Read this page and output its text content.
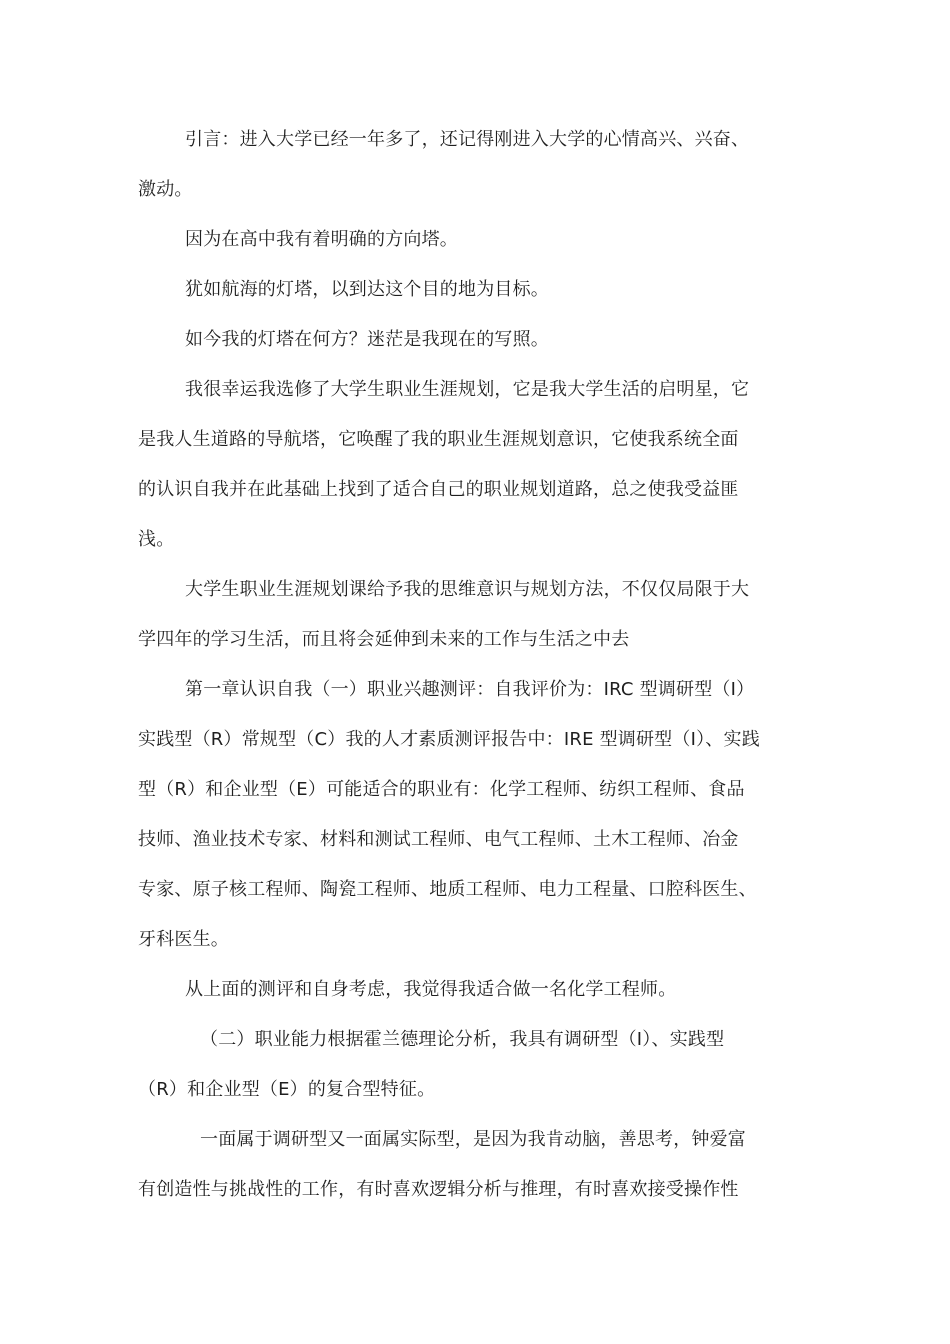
引言：进入大学已经一年多了，还记得刚进入大学的心情高兴、兴奋、
激动。
因为在高中我有着明确的方向塔。
犹如航海的灯塔，以到达这个目的地为目标。
如今我的灯塔在何方？迷茫是我现在的写照。
我很幸运我选修了大学生职业生涯规划，它是我大学生活的启明星，它
是我人生道路的导航塔，它唤醒了我的职业生涯规划意识，它使我系统全面
的认识自我并在此基础上找到了适合自己的职业规划道路，总之使我受益匪
浅。
大学生职业生涯规划课给予我的思维意识与规划方法，不仅仅局限于大
学四年的学习生活，而且将会延伸到未来的工作与生活之中去
第一章认识自我（一）职业兴趣测评：自我评价为：IRC 型调研型（I）
实践型（R）常规型（C）我的人才素质测评报告中：IRE 型调研型（I）、实践
型（R）和企业型（E）可能适合的职业有：化学工程师、纺织工程师、食品
技师、渔业技术专家、材料和测试工程师、电气工程师、土木工程师、冶金
专家、原子核工程师、陶瓷工程师、地质工程师、电力工程量、口腔科医生、
牙科医生。
从上面的测评和自身考虑，我觉得我适合做一名化学工程师。
（二）职业能力根据霍兰德理论分析，我具有调研型（I）、实践型
（R）和企业型（E）的复合型特征。
一面属于调研型又一面属实际型，是因为我肯动脑，善思考，钟爱富
有创造性与挑战性的工作，有时喜欢逻辑分析与推理，有时喜欢接受操作性
